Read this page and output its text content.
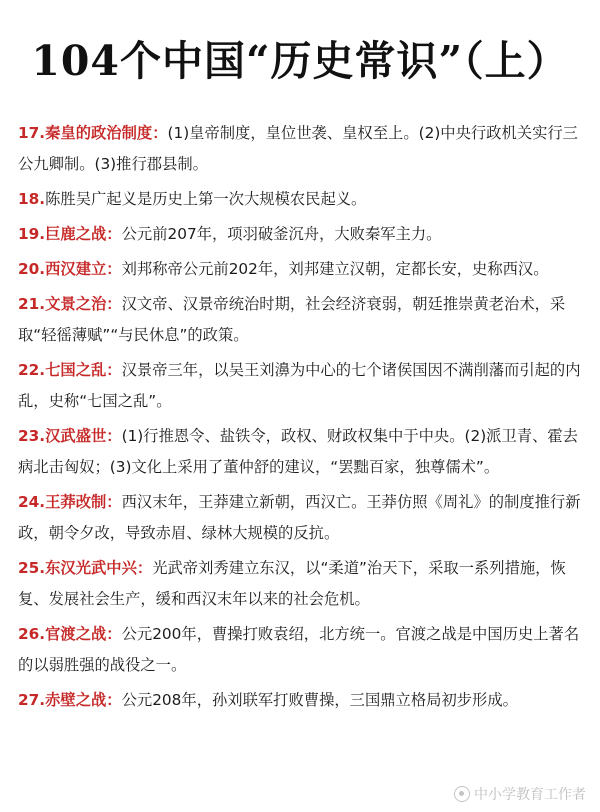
104个中国“历史常识”（上）
17.秦皇的政治制度：(1)皇帝制度，皇位世袭、皇权至上。(2)中央行政机关实行三公九卿制。(3)推行郡县制。
18.陈胜吴广起义是历史上第一次大规模农民起义。
19.巨鹿之战：公元前207年，项羽破釜沉舟，大败秦军主力。
20.西汉建立：刘邦称帝公元前202年，刘邦建立汉朝，定都长安，史称西汉。
21.文景之治：汉文帝、汉景帝统治时期，社会经济衰弱，朝廷推崇黄老治术，采取“轻徭薄赋”“与民休息”的政策。
22.七国之乱：汉景帝三年，以吴王刘濞为中心的七个诸侯国因不满削藩而引起的内乱，史称“七国之乱”。
23.汉武盛世：(1)行推恩令、盐铁令，政权、财政权集中于中央。(2)派卫青、霍去病北击匈奴；(3)文化上采用了董仲舒的建议，“罢黜百家，独尊儒术”。
24.王莽改制：西汉末年，王莽建立新朝，西汉亡。王莽仿照《周礼》的制度推行新政，朝令夕改，导致赤眉、绿林大规模的反抗。
25.东汉光武中兴：光武帝刘秀建立东汉，以“柔道”治天下，采取一系列措施，恢复、发展社会生产，缓和西汉末年以来的社会危机。
26.官渡之战：公元200年，曹操打败袁绍，北方统一。官渡之战是中国历史上著名的以弱胜强的战役之一。
27.赤壁之战：公元208年，孙刘联军打败曹操，三国鼎立格局初步形成。
中小学教育工作者
